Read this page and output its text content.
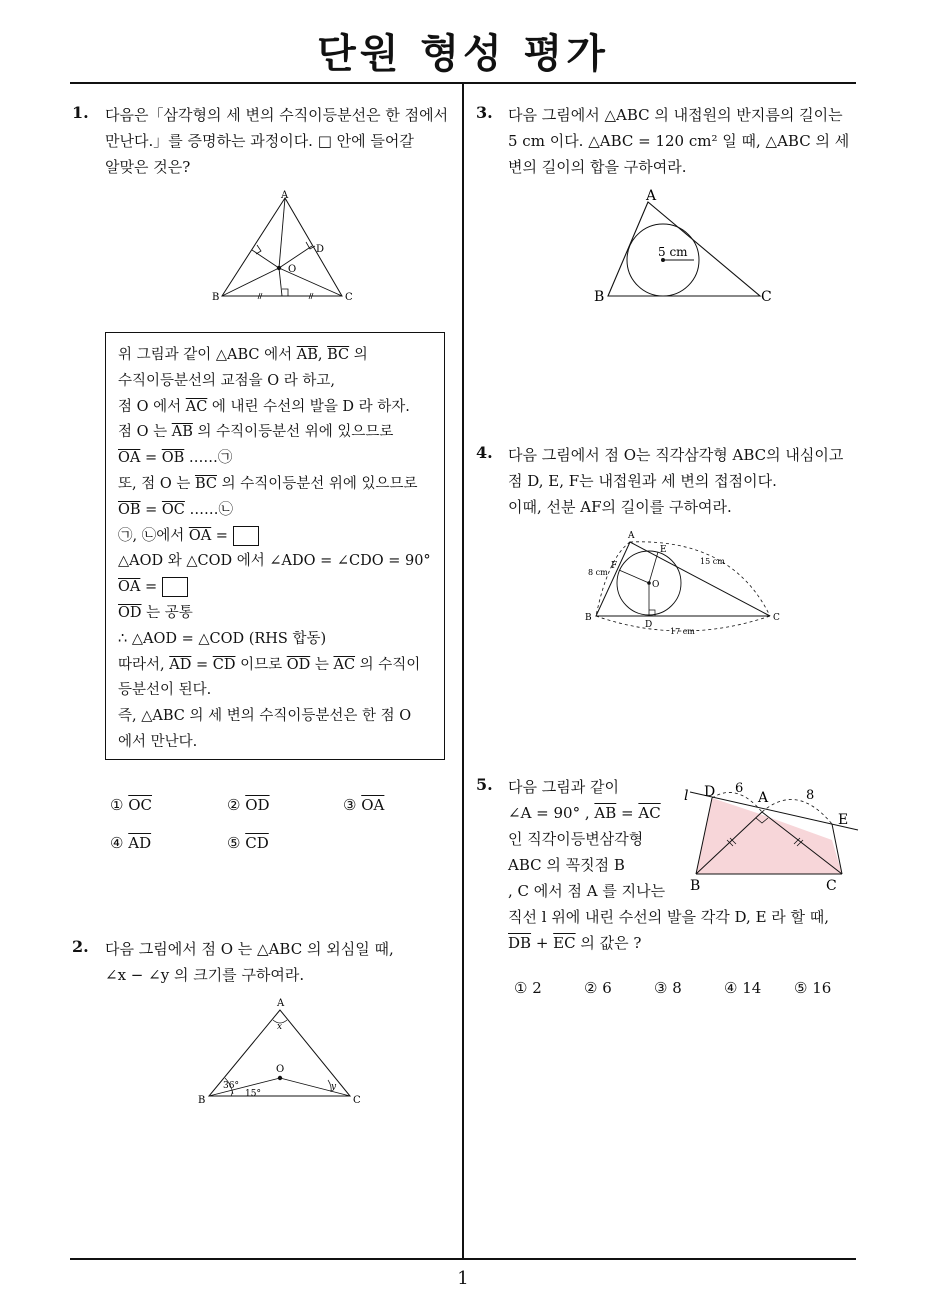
단원 형성 평가
1
1. 다음은「삼각형의 세 변의 수직이등분선은 한 점에서

만난다.」를 증명하는 과정이다. □ 안에 들어갈

알맞은 것은?

A
B	C
D
O

위 그림과 같이 △ABC 에서 $\overline{AB}$, $\overline{BC}$ 의

수직이등분선의 교점을 O 라 하고,

점 O 에서 $\overline{AC}$ 에 내린 수선의 발을 D 라 하자.

점 O 는 $\overline{AB}$ 의 수직이등분선 위에 있으므로

$\overline{OA} = \overline{OB}$ ……㉠

또, 점 O 는 $\overline{BC}$ 의 수직이등분선 위에 있으므로

$\overline{OB} = \overline{OC}$ ……㉡

㉠, ㉡에서 $\overline{OA}$ =

△AOD 와 △COD 에서 ∠ADO = ∠CDO = 90°

$\overline{OA}$ =

$\overline{OD}$ 는 공통

∴ △AOD = △COD (RHS 합동)

따라서, $\overline{AD} = \overline{CD}$ 이므로 $\overline{OD}$ 는 $\overline{AC}$ 의 수직이

등분선이 된다.

즉, △ABC 의 세 변의 수직이등분선은 한 점 O

에서 만난다.

① $\overline{OC}$	② $\overline{OD}$	③ $\overline{OA}$
④ $\overline{AD}$	⑤ $\overline{CD}$
2. 다음 그림에서 점 O 는 △ABC 의 외심일 때,

∠x − ∠y 의 크기를 구하여라.

A
B	C
O
x
y
36°
15°
3. 다음 그림에서 △ABC 의 내접원의 반지름의 길이는

5 cm 이다. △ABC = 120 cm² 일 때, △ABC 의 세

변의 길이의 합을 구하여라.

A
B	C
5 cm
4. 다음 그림에서 점 O는 직각삼각형 ABC의 내심이고

점 D, E, F는 내접원과 세 변의 접점이다.

이때, 선분 AF의 길이를 구하여라.

A
B	C
D
E
F
O
8 cm
15 cm
17 cm
5. 다음 그림과 같이

∠A = 90° , $\overline{AB} = \overline{AC}$

인 직각이등변삼각형

ABC 의 꼭짓점 B

, C 에서 점 A 를 지나는

직선 l 위에 내린 수선의 발을 각각 D, E 라 할 때,

$\overline{DB} + \overline{EC}$ 의 값은 ?

l D	A
E
B	C
6	8
① 2	② 6	③ 8	④ 14 ⑤ 16
